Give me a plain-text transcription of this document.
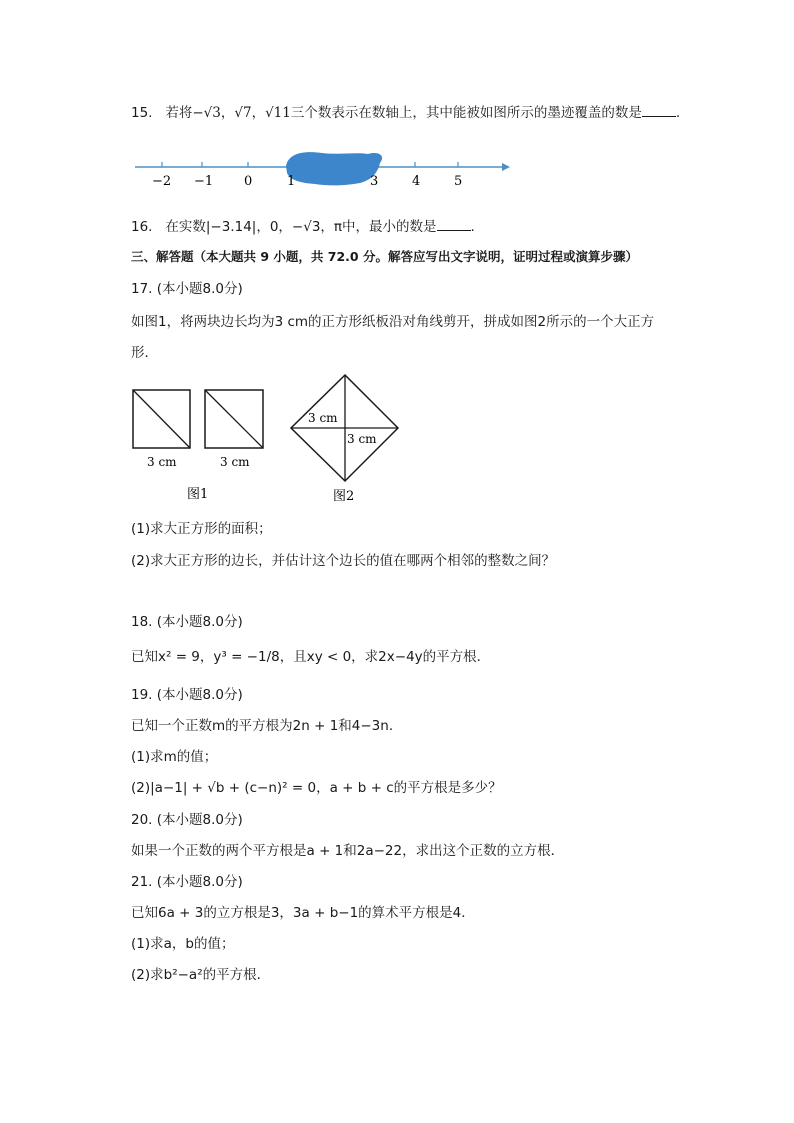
15. 若将−√3，√7，√11三个数表示在数轴上，其中能被如图所示的墨迹覆盖的数是	.
−2 −1 0	1	3	4	5
16. 在实数|−3.14|，0，−√3，π中，最小的数是	.
三、解答题（本大题共 9 小题，共 72.0 分。解答应写出文字说明，证明过程或演算步骤）
17. (本小题8.0分)
如图1，将两块边长均为3 cm的正方形纸板沿对角线剪开，拼成如图2所示的一个大正方
形．
3 cm	3 cm
图1
3 cm
3 cm
图2
(1)求大正方形的面积；
(2)求大正方形的边长，并估计这个边长的值在哪两个相邻的整数之间？
18. (本小题8.0分)
已知x² = 9，y³ = −1/8，且xy < 0，求2x−4y的平方根．
19. (本小题8.0分)
已知一个正数m的平方根为2n + 1和4−3n．
(1)求m的值；
(2)|a−1| + √b + (c−n)² = 0，a + b + c的平方根是多少？
20. (本小题8.0分)
如果一个正数的两个平方根是a + 1和2a−22，求出这个正数的立方根．
21. (本小题8.0分)
已知6a + 3的立方根是3，3a + b−1的算术平方根是4．
(1)求a，b的值；
(2)求b²−a²的平方根．
